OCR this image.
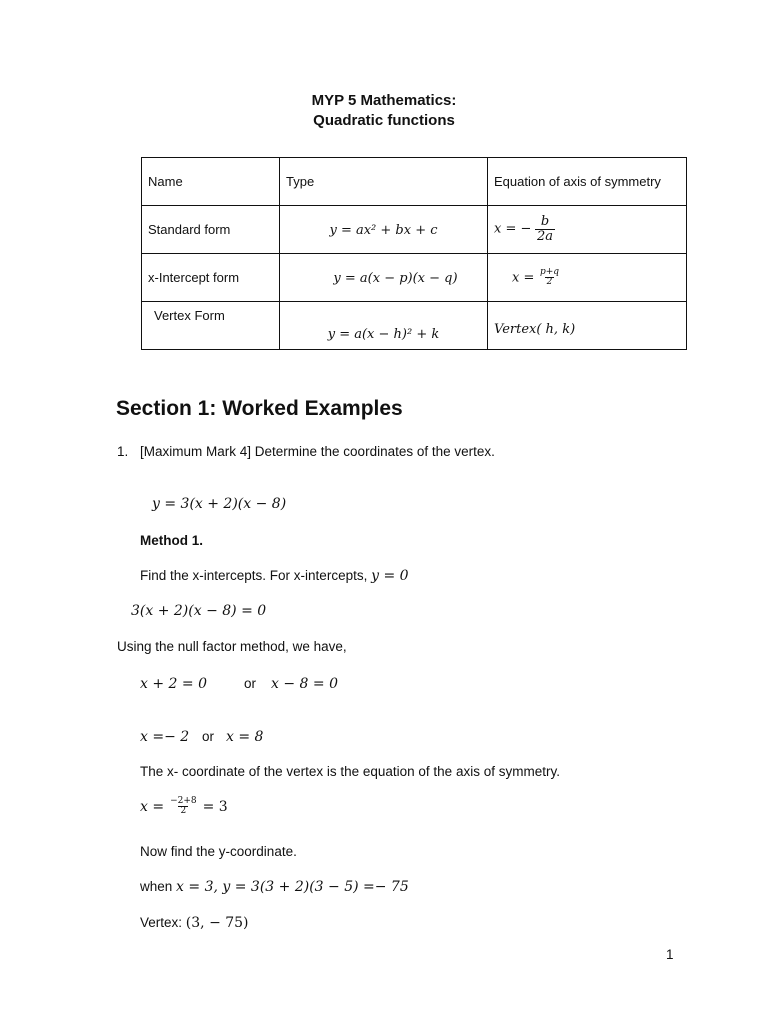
MYP 5 Mathematics:
Quadratic functions
Name	Type	Equation of axis of symmetry
Standard form	y = ax² + bx + c	x = − $\frac{b}{2a}$

x-Intercept form	y = a(x − p)(x − q)	$x = \frac{p+q}{2}$

Vertex Form	y = a(x − h)² + k	Vertex( h, k)
Section 1: Worked Examples
1. [Maximum Mark 4] Determine the coordinates of the vertex.
y = 3(x + 2)(x − 8)
Method 1.
Find the x-intercepts. For x-intercepts, y = 0
3(x + 2)(x − 8) = 0
Using the null factor method, we have,
x + 2 = 0	or x − 8 = 0
x =− 2 or x = 8
The x- coordinate of the vertex is the equation of the axis of symmetry.
$x = \frac{-2+8}{2} = 3$
Now find the y-coordinate.
when x = 3, y = 3(3 + 2)(3 − 5) =− 75
Vertex: (3, − 75)
1
